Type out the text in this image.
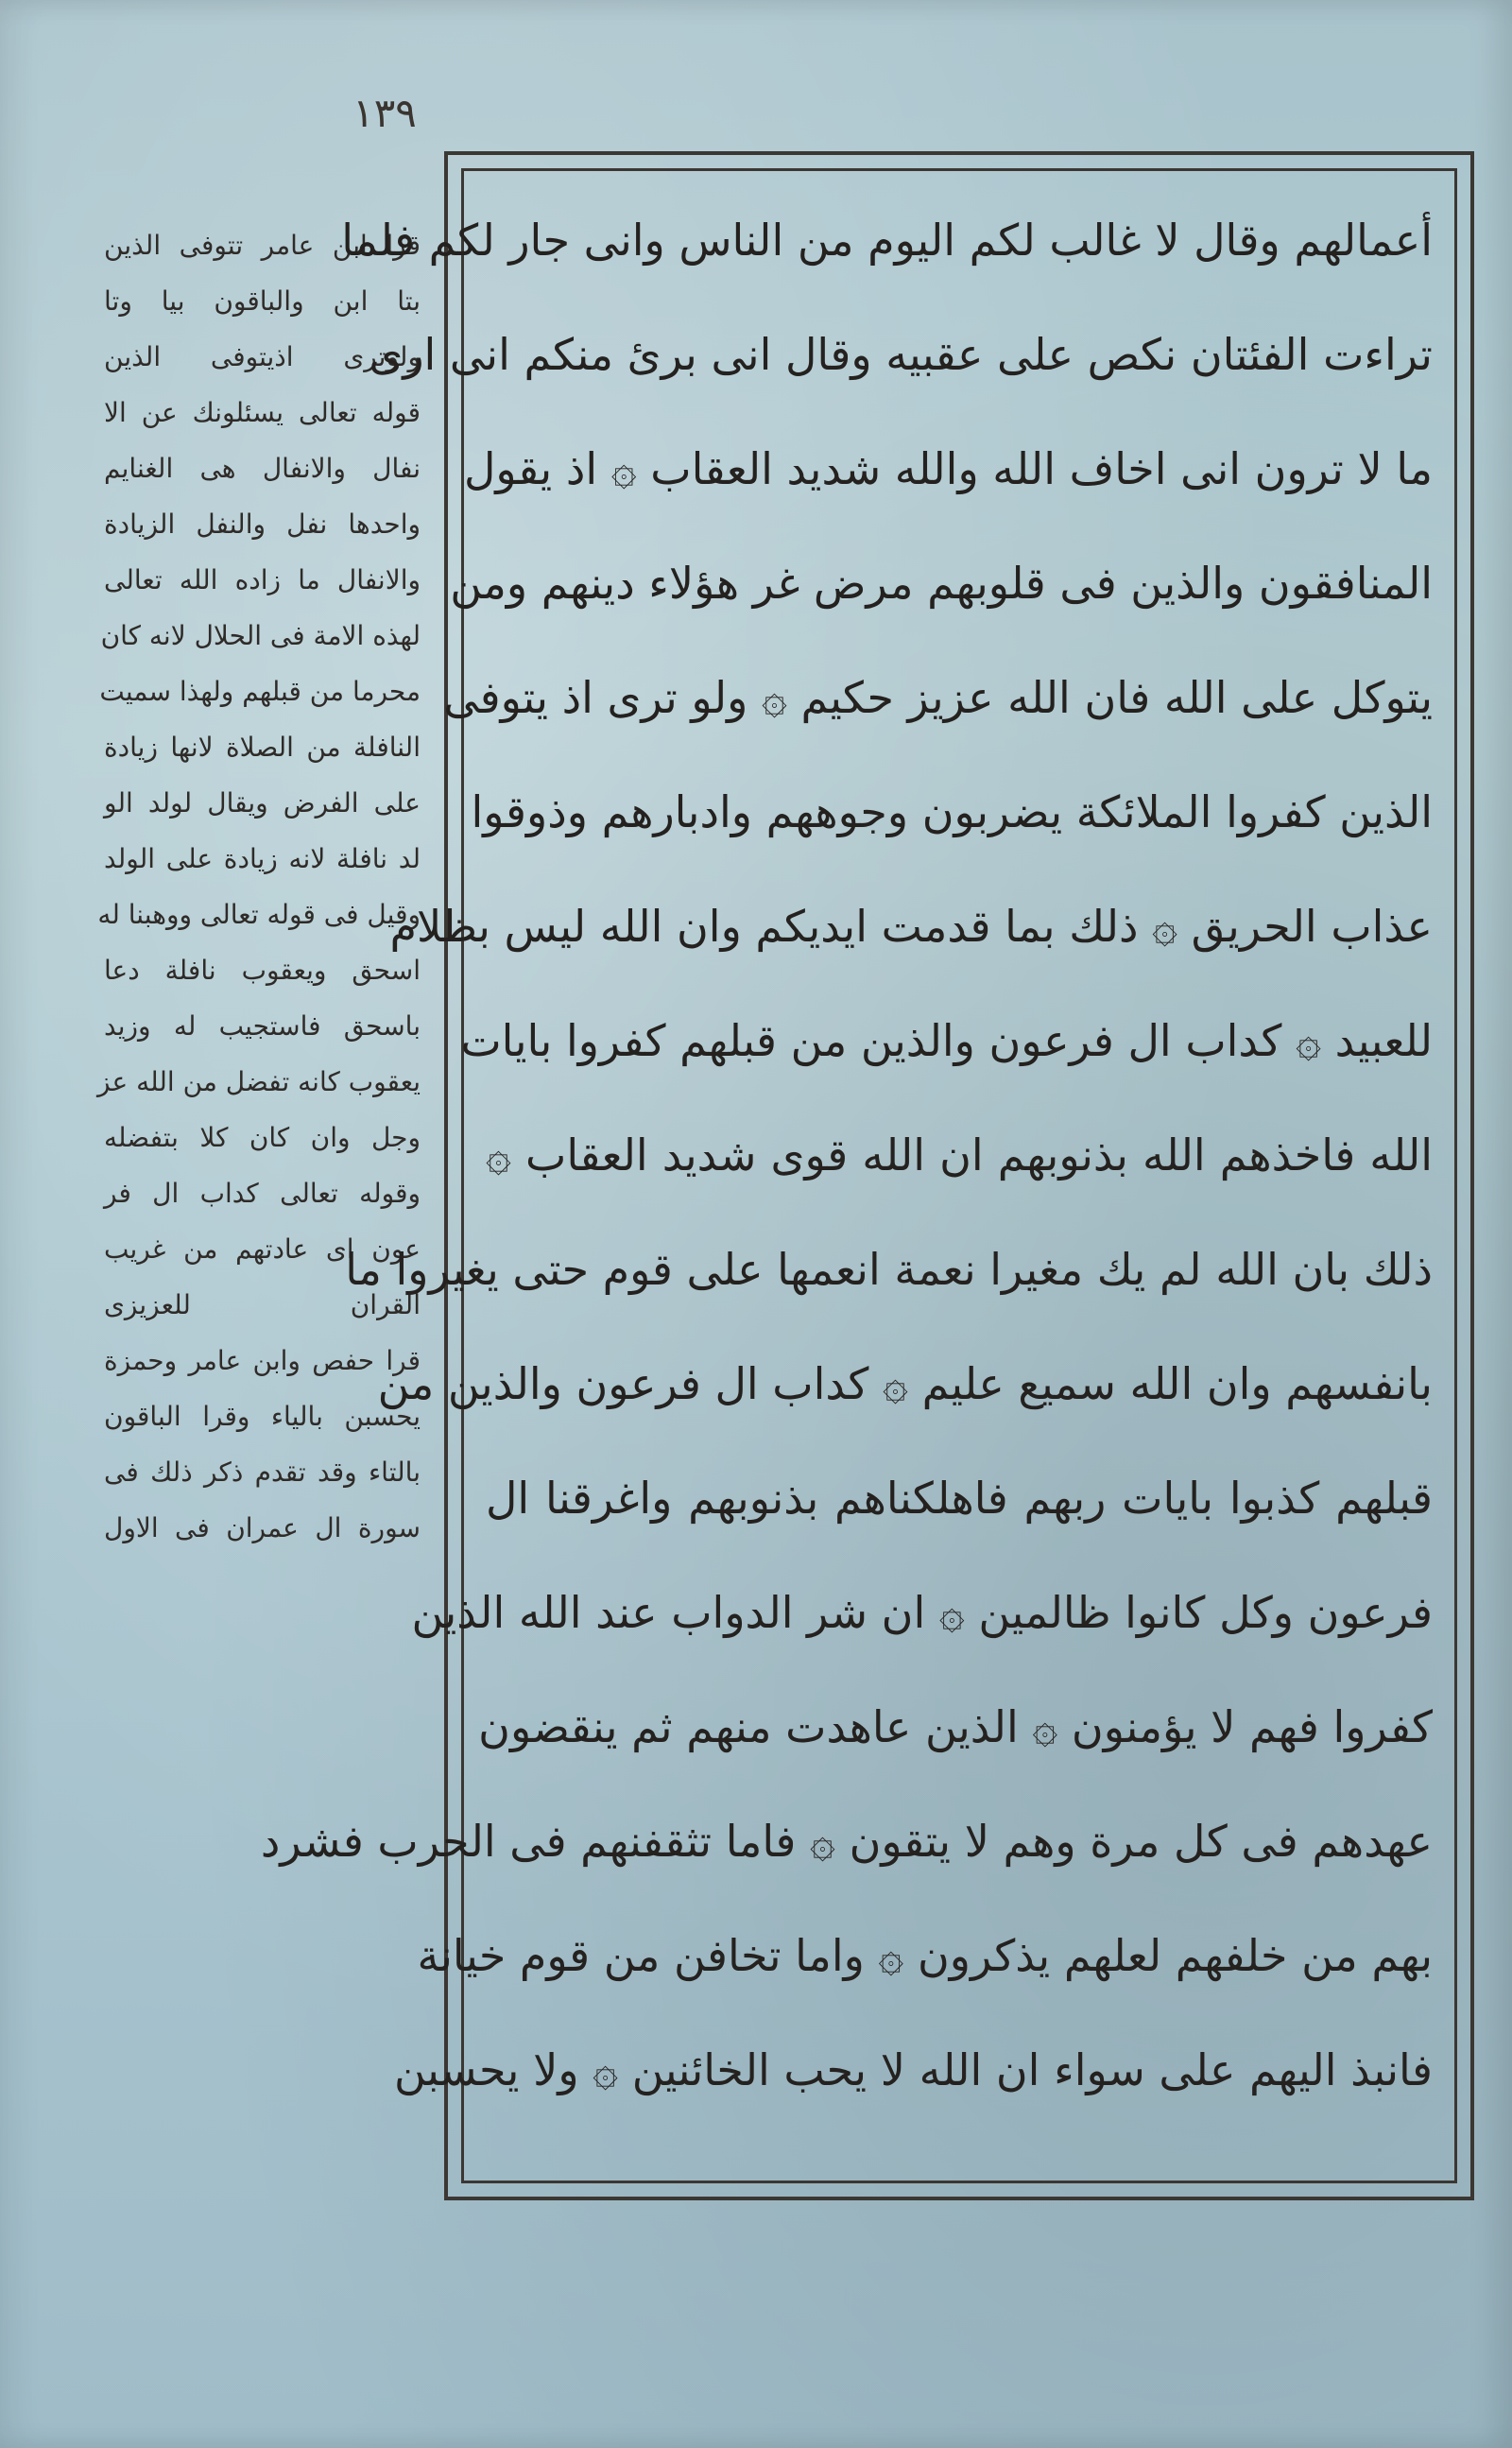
١٣٩
قرا ابن عامر تتوفى الذين
بتا ابن والباقون بيا وتا
ولوترى اذيتوفى الذين
قوله تعالى يسئلونك عن الا
نفال والانفال هى الغنايم
واحدها نفل والنفل الزيادة
والانفال ما زاده الله تعالى
لهذه الامة فى الحلال لانه كان
محرما من قبلهم ولهذا سميت
النافلة من الصلاة لانها زيادة
على الفرض ويقال لولد الو
لد نافلة لانه زيادة على الولد
وقيل فى قوله تعالى ووهبنا له
اسحق ويعقوب نافلة دعا
باسحق فاستجيب له وزيد
يعقوب كانه تفضل من الله عز
وجل وان كان كلا بتفضله
وقوله تعالى كداب ال فر
عون اى عادتهم من غريب
القران للعزيزى
قرا حفص وابن عامر وحمزة
يحسبن بالياء وقرا الباقون
بالتاء وقد تقدم ذكر ذلك فى
سورة ال عمران فى الاول
أعمالهم وقال لا غالب لكم اليوم من الناس وانى جار لكم فلما
تراءت الفئتان نكص على عقبيه وقال انى برئ منكم انى ارى
ما لا ترون انى اخاف الله والله شديد العقاب ۞ اذ يقول
المنافقون والذين فى قلوبهم مرض غر هؤلاء دينهم ومن
يتوكل على الله فان الله عزيز حكيم ۞ ولو ترى اذ يتوفى
الذين كفروا الملائكة يضربون وجوههم وادبارهم وذوقوا
عذاب الحريق ۞ ذلك بما قدمت ايديكم وان الله ليس بظلام
للعبيد ۞ كداب ال فرعون والذين من قبلهم كفروا بايات
الله فاخذهم الله بذنوبهم ان الله قوى شديد العقاب ۞
ذلك بان الله لم يك مغيرا نعمة انعمها على قوم حتى يغيروا ما
بانفسهم وان الله سميع عليم ۞ كداب ال فرعون والذين من
قبلهم كذبوا بايات ربهم فاهلكناهم بذنوبهم واغرقنا ال
فرعون وكل كانوا ظالمين ۞ ان شر الدواب عند الله الذين
كفروا فهم لا يؤمنون ۞ الذين عاهدت منهم ثم ينقضون
عهدهم فى كل مرة وهم لا يتقون ۞ فاما تثقفنهم فى الحرب فشرد
بهم من خلفهم لعلهم يذكرون ۞ واما تخافن من قوم خيانة
فانبذ اليهم على سواء ان الله لا يحب الخائنين ۞ ولا يحسبن
